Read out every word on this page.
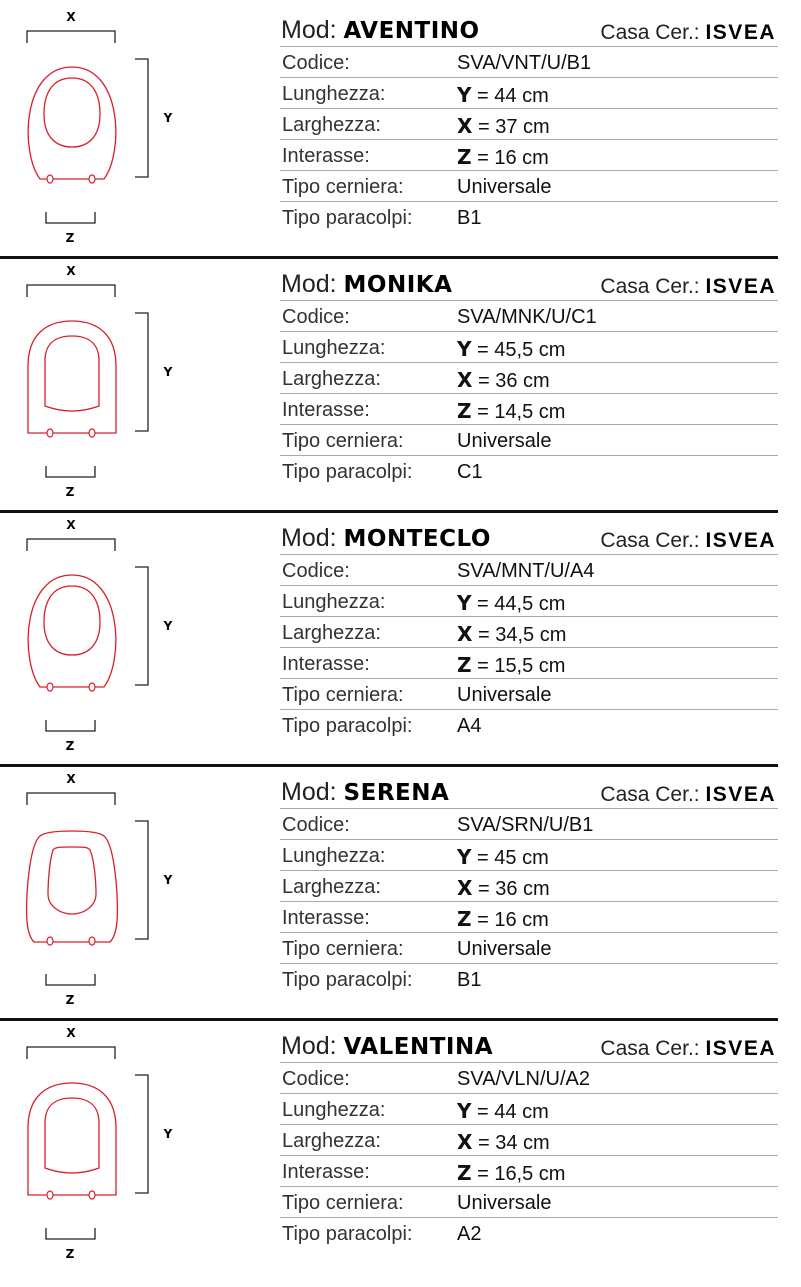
X
Y
Z
Mod: AVENTINO	Casa Cer.: ISVEA
Codice:	SVA/VNT/U/B1
Lunghezza:	Y = 44 cm
Larghezza:	X = 37 cm
Interasse:	Z = 16 cm
Tipo cerniera:	Universale
Tipo paracolpi: B1
X
Y
Z
Mod: MONIKA	Casa Cer.: ISVEA
Codice:	SVA/MNK/U/C1
Lunghezza:	Y = 45,5 cm
Larghezza:	X = 36 cm
Interasse:	Z = 14,5 cm
Tipo cerniera:	Universale
Tipo paracolpi: C1
X
Y
Z
Mod: MONTECLO	Casa Cer.: ISVEA
Codice:	SVA/MNT/U/A4
Lunghezza:	Y = 44,5 cm
Larghezza:	X = 34,5 cm
Interasse:	Z = 15,5 cm
Tipo cerniera:	Universale
Tipo paracolpi: A4
X
Y
Z
Mod: SERENA	Casa Cer.: ISVEA
Codice:	SVA/SRN/U/B1
Lunghezza:	Y = 45 cm
Larghezza:	X = 36 cm
Interasse:	Z = 16 cm
Tipo cerniera:	Universale
Tipo paracolpi: B1
X
Y
Z
Mod: VALENTINA	Casa Cer.: ISVEA
Codice:	SVA/VLN/U/A2
Lunghezza:	Y = 44 cm
Larghezza:	X = 34 cm
Interasse:	Z = 16,5 cm
Tipo cerniera:	Universale
Tipo paracolpi: A2
